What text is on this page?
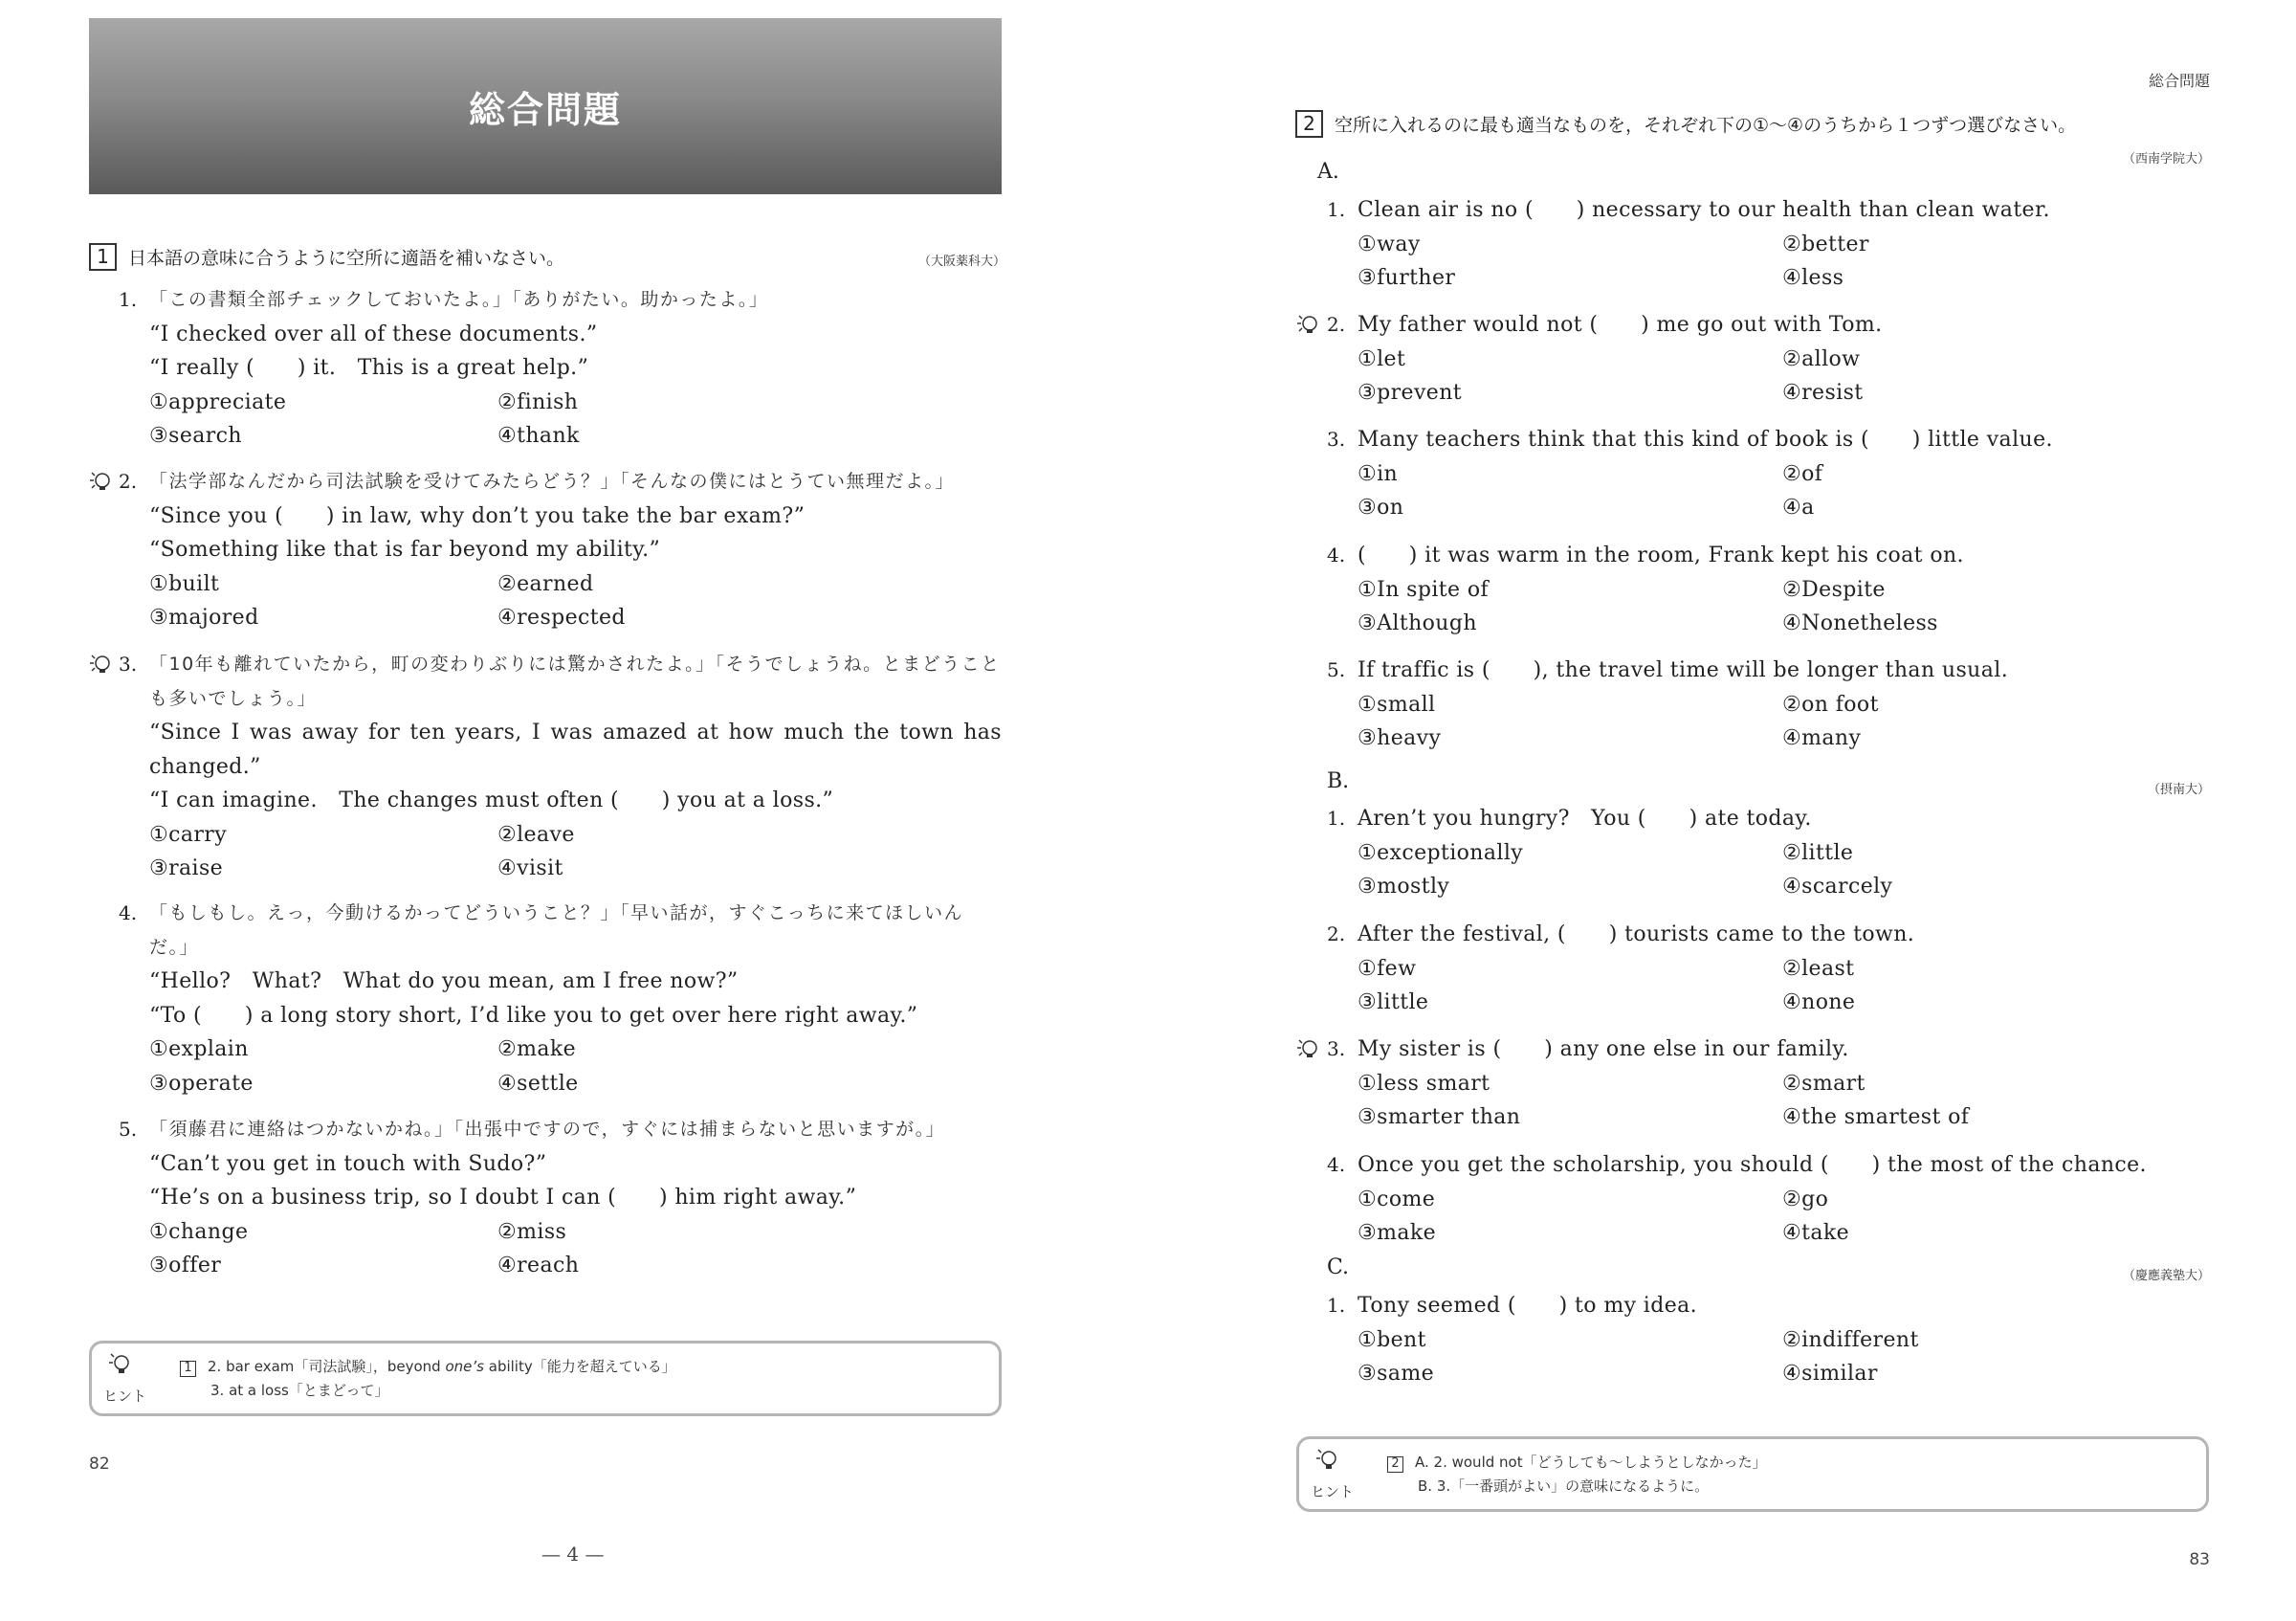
総合問題
1	日本語の意味に合うように空所に適語を補いなさい。	（大阪薬科大）
1. 「この書類全部チェックしておいたよ。」「ありがたい。助かったよ。」
“I checked over all of these documents.”
“I really (　　) it.　This is a great help.”
①appreciate	②finish
③search	④thank
2. 「法学部なんだから司法試験を受けてみたらどう？」「そんなの僕にはとうてい無理だよ。」
“Since you (　　) in law, why don’t you take the bar exam?”
“Something like that is far beyond my ability.”
①built	②earned
③majored	④respected
3. 「10年も離れていたから，町の変わりぶりには驚かされたよ。」「そうでしょうね。とまどうことも多いでしょう。」
“Since I was away for ten years, I was amazed at how much the town has changed.”
“I can imagine.　The changes must often (　　) you at a loss.”
①carry	②leave
③raise	④visit
4. 「もしもし。えっ，今動けるかってどういうこと？」「早い話が，すぐこっちに来てほしいんだ。」
“Hello?　What?　What do you mean, am I free now?”
“To (　　) a long story short, I’d like you to get over here right away.”
①explain	②make
③operate	④settle
5. 「須藤君に連絡はつかないかね。」「出張中ですので，すぐには捕まらないと思いますが。」
“Can’t you get in touch with Sudo?”
“He’s on a business trip, so I doubt I can (　　) him right away.”
①change	②miss
③offer	④reach
ヒント
1 2. bar exam「司法試験」，beyond one’s ability「能力を超えている」
3. at a loss「とまどって」
82
— 4 —
総合問題
2	空所に入れるのに最も適当なものを，それぞれ下の①～④のうちから１つずつ選びなさい。
（西南学院大）
A.
1. Clean air is no (　　) necessary to our health than clean water.
①way	②better
③further	④less
2. My father would not (　　) me go out with Tom.
①let	②allow
③prevent	④resist
3. Many teachers think that this kind of book is (　　) little value.
①in	②of
③on	④a
4. (　　) it was warm in the room, Frank kept his coat on.
①In spite of	②Despite
③Although	④Nonetheless
5. If traffic is (　　), the travel time will be longer than usual.
①small	②on foot
③heavy	④many
B.	（摂南大）
1. Aren’t you hungry?　You (　　) ate today.
①exceptionally	②little
③mostly	④scarcely
2. After the festival, (　　) tourists came to the town.
①few	②least
③little	④none
3. My sister is (　　) any one else in our family.
①less smart	②smart
③smarter than	④the smartest of
4. Once you get the scholarship, you should (　　) the most of the chance.
①come	②go
③make	④take
C.	（慶應義塾大）
1. Tony seemed (　　) to my idea.
①bent	②indifferent
③same	④similar
ヒント
2 A. 2. would not「どうしても～しようとしなかった」
B. 3.「一番頭がよい」の意味になるように。
83
